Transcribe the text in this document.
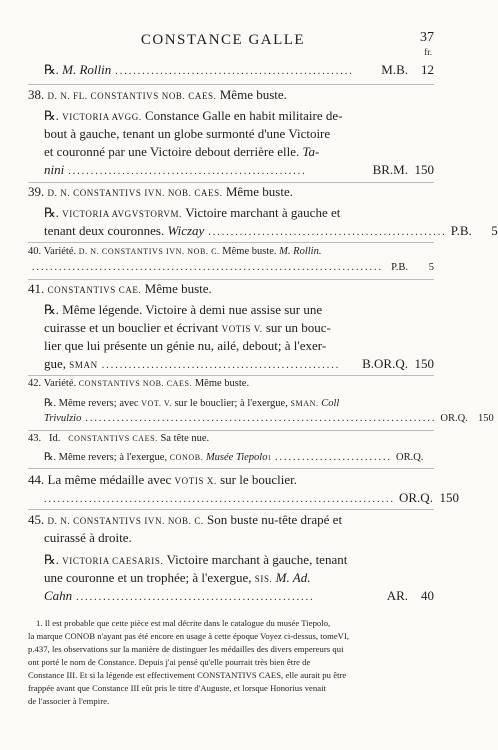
CONSTANCE GALLE	37
fr.
℞.
M. Rollin .....................................................	M.B.	12
38.
D. N. FL. CONSTANTIVS NOB. CAES.
Même buste.
℞.
VICTORIA AVGG.
Constance Galle en habit militaire de-
bout à gauche, tenant un globe surmonté d'une Victoire
et couronné par une Victoire debout derrière elle.
Ta-
nini .....................................................	BR.M. 150
39.
D. N. CONSTANTIVS IVN. NOB. CAES.
Même buste.
℞.
VICTORIA AVGVSTORVM.
Victoire marchant à gauche et
tenant deux couronnes.
Wiczay ..................................................... P.B.	5
40.
Variété.
D. N. CONSTANTIVS IVN. NOB. C.
Même buste.
M. Rollin.
.............................................................................. P.B.	5
41.
CONSTANTIVS CAE.
Même buste.
℞.
Même légende. Victoire à demi nue assise sur une
cuirasse et un bouclier et écrivant
VOTIS V.
sur un bouc-
lier que lui présente un génie nu, ailé, debout; à l'exer-
gue,
SMAN .....................................................	B.OR.Q. 150
42.
Variété.
CONSTANTIVS NOB. CAES.
Même buste.
℞.
Même revers; avec
VOT. V.
sur le bouclier; à l'exergue,
SMAN.
Coll
Trivulzio .............................................................................. OR.Q. 150
43.
Id.
CONSTANTIVS CAES.
Sa tête nue.
℞.
Même revers; à l'exergue,
CONOB.
Musée Tiepolo 1 .......................... OR.Q.
44.
La même médaille avec
VOTIS X.
sur le bouclier.
.............................................................................. OR.Q. 150
45.
D. N. CONSTANTIVS IVN. NOB. C.
Son buste nu-tête drapé et
cuirassé à droite.
℞.
VICTORIA CAESARIS.
Victoire marchant à gauche, tenant
une couronne et un trophée; à l'exergue,
SIS.
M. Ad.
Cahn .....................................................	AR.	40
1. Il est probable que cette pièce est mal décrite dans le catalogue du musée Tiepolo,
la marque CONOB n'ayant pas été encore en usage à cette époque Voyez ci-dessus, tomeVI,
p.437, les observations sur la manière de distinguer les médailles des divers empereurs qui
ont porté le nom de Constance. Depuis j'ai pensé qu'elle pourrait très bien être de
Constance III. Et si la légende est effectivement CONSTANTIVS CAES, elle aurait pu être
frappée avant que Constance III eût pris le titre d'Auguste, et lorsque Honorius venait
de l'associer à l'empire.
